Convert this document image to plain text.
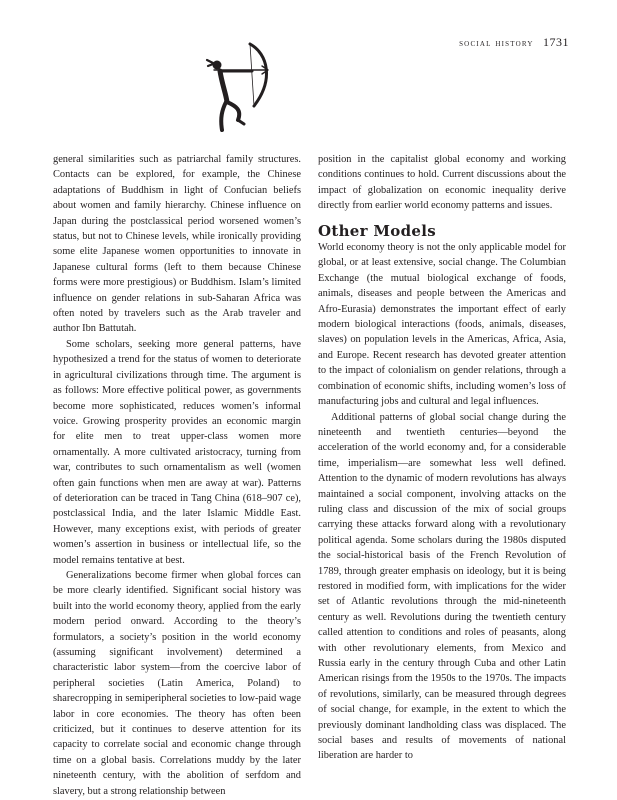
social history 1731

general similarities such as patriarchal family structures. Contacts can be explored, for example, the Chinese adaptations of Buddhism in light of Confucian beliefs about women and family hierarchy. Chinese influence on Japan during the postclassical period worsened women’s status, but not to Chinese levels, while ironically providing some elite Japanese women opportunities to innovate in Japanese cultural forms (left to them because Chinese forms were more prestigious) or Buddhism. Islam’s limited influence on gender relations in sub-Saharan Africa was often noted by travelers such as the Arab traveler and author Ibn Battutah.

Some scholars, seeking more general patterns, have hypothesized a trend for the status of women to deteriorate in agricultural civilizations through time. The argument is as follows: More effective political power, as governments become more sophisticated, reduces women’s informal voice. Growing prosperity provides an economic margin for elite men to treat upper-class women more ornamentally. A more cultivated aristocracy, turning from war, contributes to such ornamentalism as well (women often gain functions when men are away at war). Patterns of deterioration can be traced in Tang China (618–907 ce), postclassical India, and the later Islamic Middle East. However, many exceptions exist, with periods of greater women’s assertion in business or intellectual life, so the model remains tentative at best.

Generalizations become firmer when global forces can be more clearly identified. Significant social history was built into the world economy theory, applied from the early modern period onward. According to the theory’s formulators, a society’s position in the world economy (assuming significant involvement) determined a characteristic labor system—from the coercive labor of peripheral societies (Latin America, Poland) to sharecropping in semiperipheral societies to low-paid wage labor in core economies. The theory has often been criticized, but it continues to deserve attention for its capacity to correlate social and economic change through time on a global basis. Correlations muddy by the later nineteenth century, with the abolition of serfdom and slavery, but a strong relationship between

position in the capitalist global economy and working conditions continues to hold. Current discussions about the impact of globalization on economic inequality derive directly from earlier world economy patterns and issues.

Other Models

World economy theory is not the only applicable model for global, or at least extensive, social change. The Columbian Exchange (the mutual biological exchange of foods, animals, diseases and people between the Americas and Afro-Eurasia) demonstrates the important effect of early modern biological interactions (foods, animals, diseases, slaves) on population levels in the Americas, Africa, Asia, and Europe. Recent research has devoted greater attention to the impact of colonialism on gender relations, through a combination of economic shifts, including women’s loss of manufacturing jobs and cultural and legal influences.

Additional patterns of global social change during the nineteenth and twentieth centuries—beyond the acceleration of the world economy and, for a considerable time, imperialism—are somewhat less well defined. Attention to the dynamic of modern revolutions has always maintained a social component, involving attacks on the ruling class and discussion of the mix of social groups carrying these attacks forward along with a revolutionary political agenda. Some scholars during the 1980s disputed the social-historical basis of the French Revolution of 1789, through greater emphasis on ideology, but it is being restored in modified form, with implications for the wider set of Atlantic revolutions through the mid-nineteenth century as well. Revolutions during the twentieth century called attention to conditions and roles of peasants, along with other revolutionary elements, from Mexico and Russia early in the century through Cuba and other Latin American risings from the 1950s to the 1970s. The impacts of revolutions, similarly, can be measured through degrees of social change, for example, in the extent to which the previously dominant landholding class was displaced. The social bases and results of movements of national liberation are harder to
